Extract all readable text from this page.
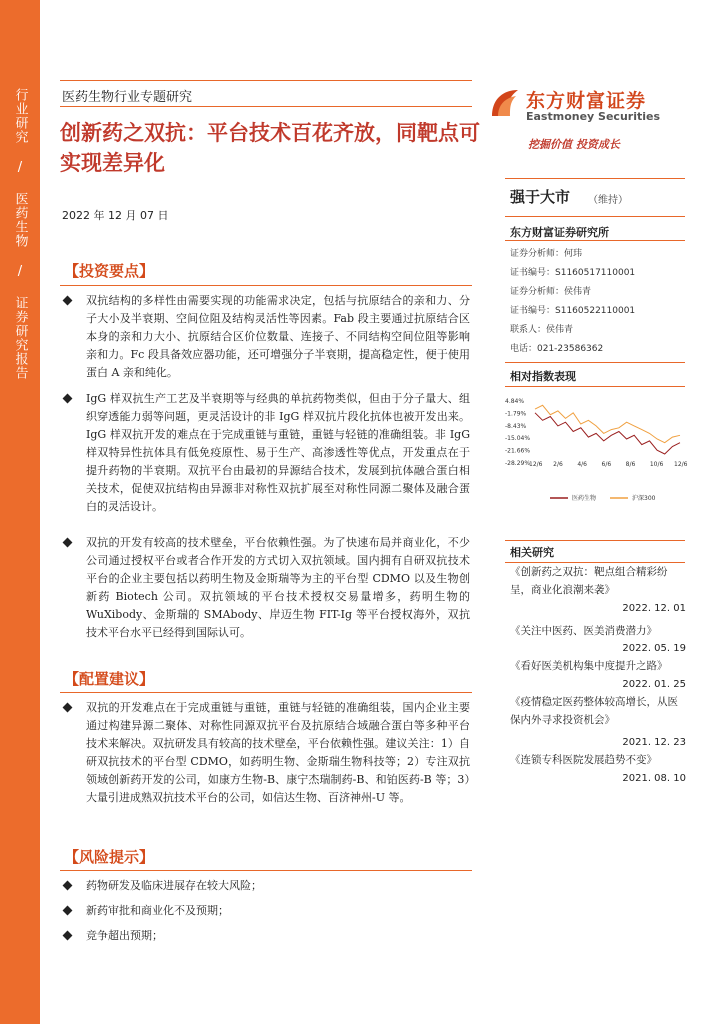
行业研究 / 医药生物 / 证券研究报告	医药生物行业专题研究
创新药之双抗：平台技术百花齐放，同靶点可实现差异化
2022 年 12 月 07 日
【投资要点】
双抗结构的多样性由需要实现的功能需求决定，包括与抗原结合的亲和力、分子大小及半衰期、空间位阻及结构灵活性等因素。Fab 段主要通过抗原结合区本身的亲和力大小、抗原结合区价位数量、连接子、不同结构空间位阻等影响亲和力。Fc 段具备效应器功能，还可增强分子半衰期，提高稳定性，便于使用蛋白 A 亲和纯化。
IgG 样双抗生产工艺及半衰期等与经典的单抗药物类似，但由于分子量大、组织穿透能力弱等问题，更灵活设计的非 IgG 样双抗片段化抗体也被开发出来。IgG 样双抗开发的难点在于完成重链与重链，重链与轻链的准确组装。非 IgG 样双特异性抗体具有低免疫原性、易于生产、高渗透性等优点，开发重点在于提升药物的半衰期。双抗平台由最初的异源结合技术，发展到抗体融合蛋白相关技术，促使双抗结构由异源非对称性双抗扩展至对称性同源二聚体及融合蛋白的灵活设计。
双抗的开发有较高的技术壁垒，平台依赖性强。为了快速布局并商业化，不少公司通过授权平台或者合作开发的方式切入双抗领域。国内拥有自研双抗技术平台的企业主要包括以药明生物及金斯瑞等为主的平台型 CDMO 以及生物创新药 Biotech 公司。双抗领域的平台技术授权交易量增多，药明生物的 WuXibody、金斯瑞的 SMAbody、岸迈生物 FIT-Ig 等平台授权海外，双抗技术平台水平已经得到国际认可。
【配置建议】
双抗的开发难点在于完成重链与重链，重链与轻链的准确组装，国内企业主要通过构建异源二聚体、对称性同源双抗平台及抗原结合域融合蛋白等多种平台技术来解决。双抗研发具有较高的技术壁垒，平台依赖性强。建议关注：1）自研双抗技术的平台型 CDMO，如药明生物、金斯瑞生物科技等；2）专注双抗领域创新药开发的公司，如康方生物-B、康宁杰瑞制药-B、和铂医药-B 等；3）大量引进成熟双抗技术平台的公司，如信达生物、百济神州-U 等。
【风险提示】
药物研发及临床进展存在较大风险；
新药审批和商业化不及预期；
竞争超出预期；
东方财富证券
Eastmoney Securities
挖掘价值 投资成长
强于大市 （维持）
东方财富证券研究所
证券分析师：何玮
证书编号：S1160517110001
证券分析师：侯伟青
证书编号：S1160522110001
联系人：侯伟青
电话：021-23586362
相对指数表现
4.84%
-1.79%
-8.43%
-15.04%
-21.66%
-28.29%
12/6 2/6 4/6 6/6 8/6 10/6 12/6
医药生物	沪深300
相关研究
《创新药之双抗：靶点组合精彩纷呈，商业化浪潮来袭》
2022. 12. 01
《关注中医药、医美消费潜力》
2022. 05. 19
《看好医美机构集中度提升之路》
2022. 01. 25
《疫情稳定医药整体较高增长，从医保内外寻求投资机会》
2021. 12. 23
《连锁专科医院发展趋势不变》
2021. 08. 10
